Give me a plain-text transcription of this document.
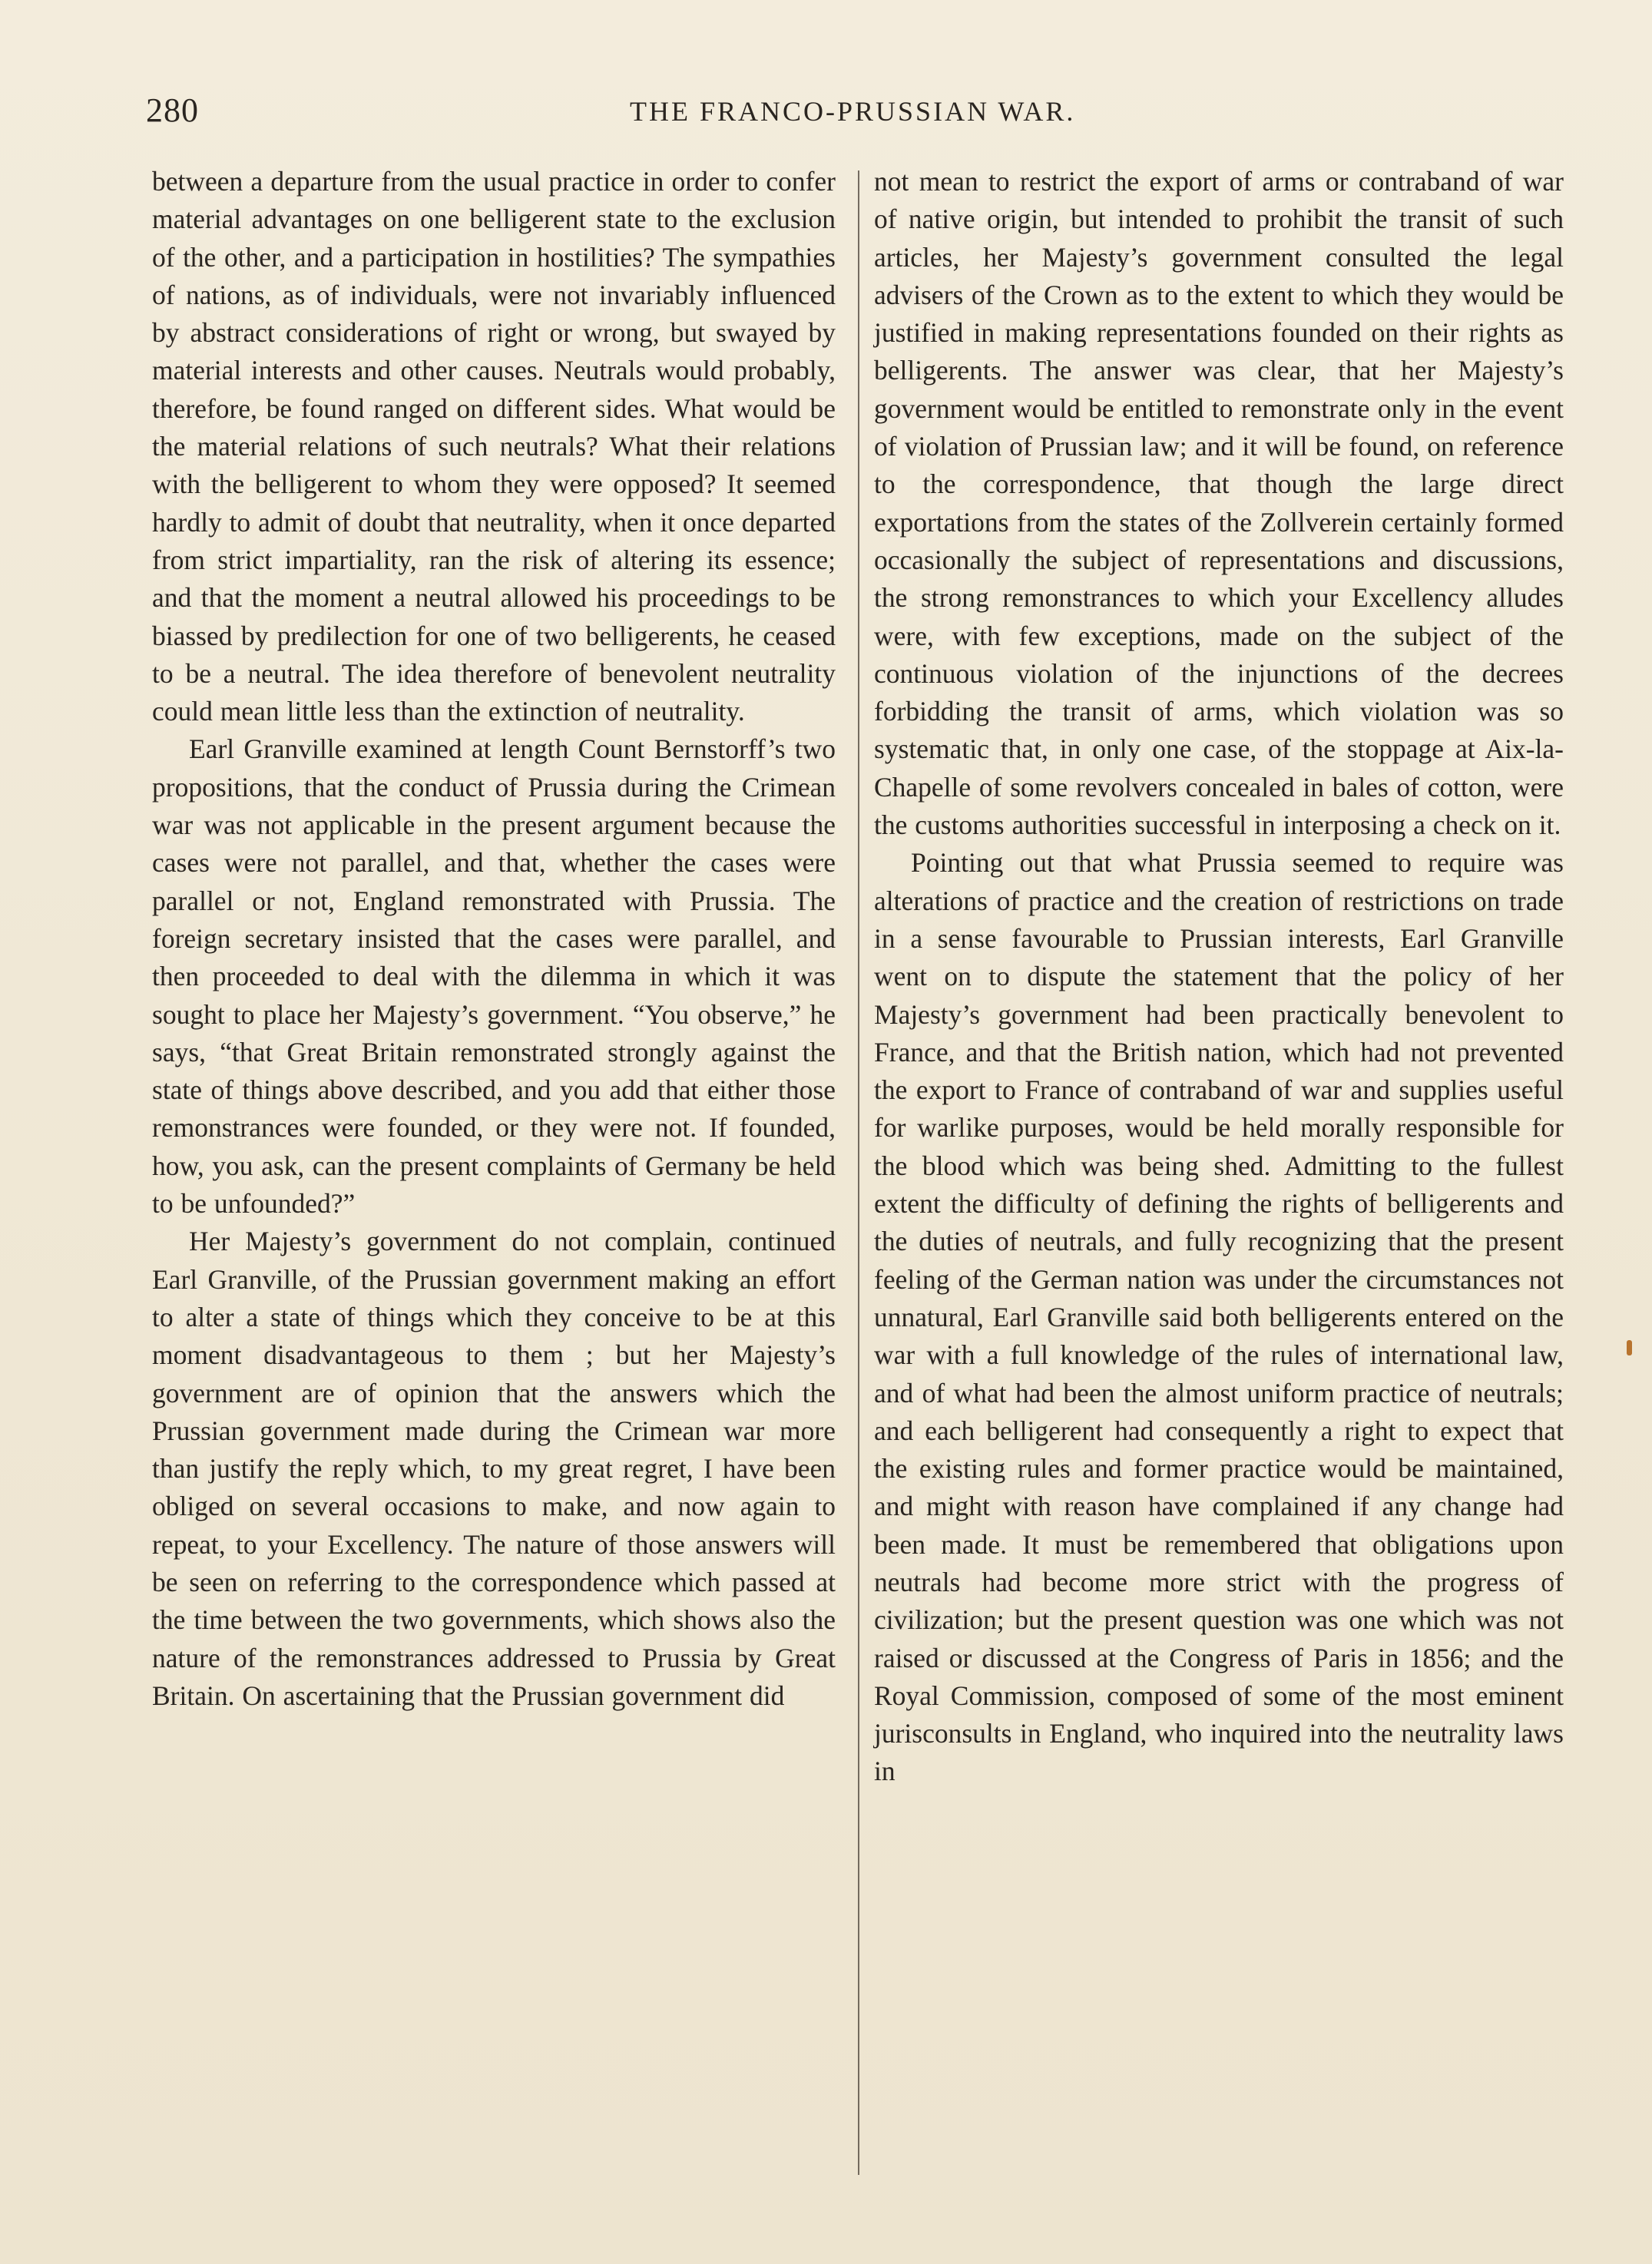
280	THE FRANCO-PRUSSIAN WAR.

between a departure from the usual practice in order to confer material advantages on one belligerent state to the exclusion of the other, and a participation in hostilities? The sympathies of nations, as of individuals, were not invariably influenced by abstract considerations of right or wrong, but swayed by material interests and other causes. Neutrals would probably, therefore, be found ranged on different sides. What would be the material relations of such neutrals? What their relations with the belligerent to whom they were opposed? It seemed hardly to admit of doubt that neutrality, when it once departed from strict impartiality, ran the risk of altering its essence; and that the moment a neutral allowed his proceedings to be biassed by predilection for one of two belligerents, he ceased to be a neutral. The idea therefore of benevolent neutrality could mean little less than the extinction of neutrality.

Earl Granville examined at length Count Bernstorff’s two propositions, that the conduct of Prussia during the Crimean war was not applicable in the present argument because the cases were not parallel, and that, whether the cases were parallel or not, England remonstrated with Prussia. The foreign secretary insisted that the cases were parallel, and then proceeded to deal with the dilemma in which it was sought to place her Majesty’s government. “You observe,” he says, “that Great Britain remonstrated strongly against the state of things above described, and you add that either those remonstrances were founded, or they were not. If founded, how, you ask, can the present complaints of Germany be held to be unfounded?”

Her Majesty’s government do not complain, continued Earl Granville, of the Prussian government making an effort to alter a state of things which they conceive to be at this moment disadvantageous to them ; but her Majesty’s government are of opinion that the answers which the Prussian government made during the Crimean war more than justify the reply which, to my great regret, I have been obliged on several occasions to make, and now again to repeat, to your Excellency. The nature of those answers will be seen on referring to the correspondence which passed at the time between the two governments, which shows also the nature of the remonstrances addressed to Prussia by Great Britain. On ascertaining that the Prussian government did

not mean to restrict the export of arms or contraband of war of native origin, but intended to prohibit the transit of such articles, her Majesty’s government consulted the legal advisers of the Crown as to the extent to which they would be justified in making representations founded on their rights as belligerents. The answer was clear, that her Majesty’s government would be entitled to remonstrate only in the event of violation of Prussian law; and it will be found, on reference to the correspondence, that though the large direct exportations from the states of the Zollverein certainly formed occasionally the subject of representations and discussions, the strong remonstrances to which your Excellency alludes were, with few exceptions, made on the subject of the continuous violation of the injunctions of the decrees forbidding the transit of arms, which violation was so systematic that, in only one case, of the stoppage at Aix-la-Chapelle of some revolvers concealed in bales of cotton, were the customs authorities successful in interposing a check on it.

Pointing out that what Prussia seemed to require was alterations of practice and the creation of restrictions on trade in a sense favourable to Prussian interests, Earl Granville went on to dispute the statement that the policy of her Majesty’s government had been practically benevolent to France, and that the British nation, which had not prevented the export to France of contraband of war and supplies useful for warlike purposes, would be held morally responsible for the blood which was being shed. Admitting to the fullest extent the difficulty of defining the rights of belligerents and the duties of neutrals, and fully recognizing that the present feeling of the German nation was under the circumstances not unnatural, Earl Granville said both belligerents entered on the war with a full knowledge of the rules of international law, and of what had been the almost uniform practice of neutrals; and each belligerent had consequently a right to expect that the existing rules and former practice would be maintained, and might with reason have complained if any change had been made. It must be remembered that obligations upon neutrals had become more strict with the progress of civilization; but the present question was one which was not raised or discussed at the Congress of Paris in 1856; and the Royal Commission, composed of some of the most eminent jurisconsults in England, who inquired into the neutrality laws in
